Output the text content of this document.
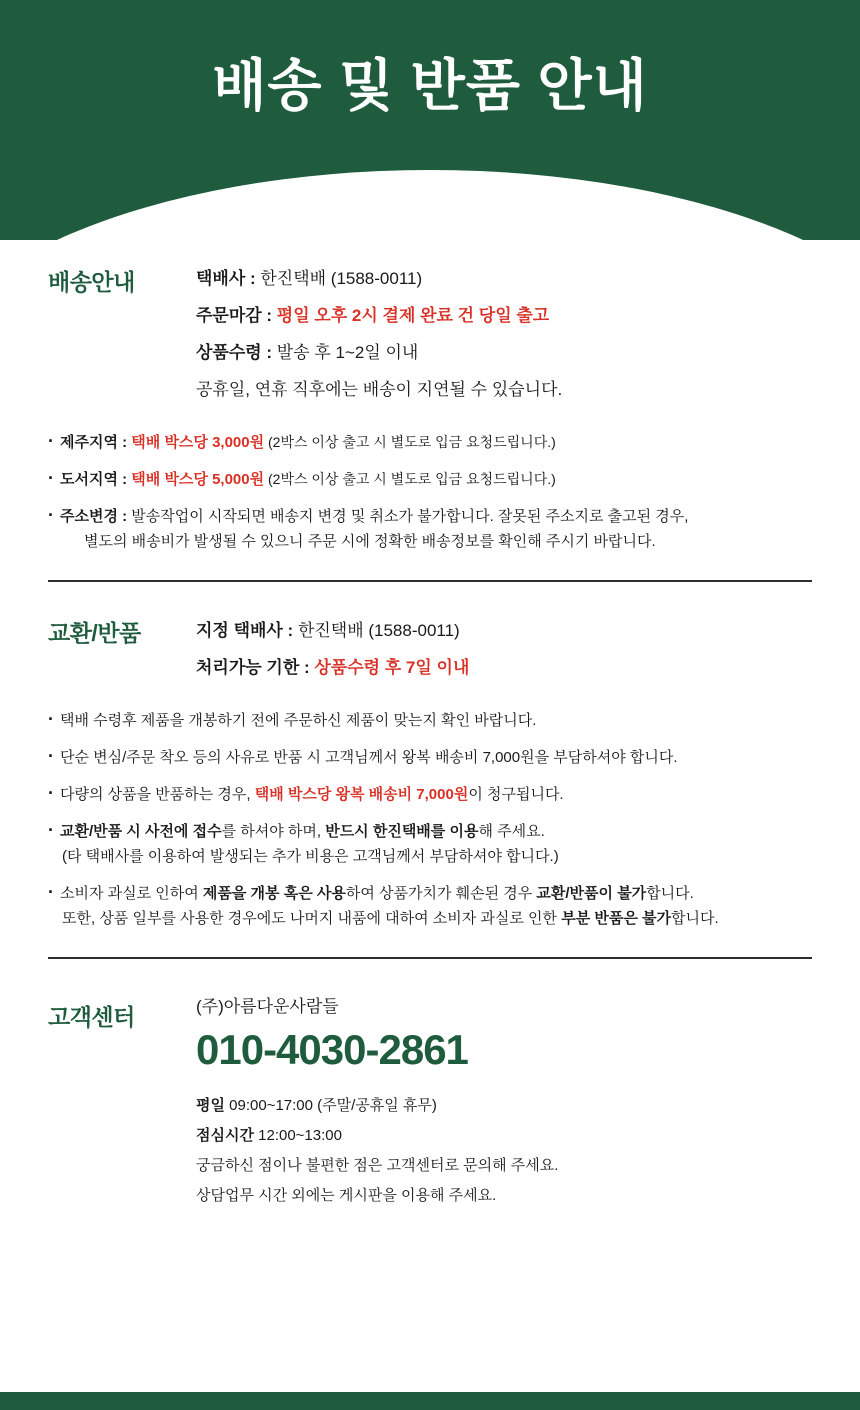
배송 및 반품 안내
배송안내	택배사 : 한진택배 (1588-0011)
주문마감 : 평일 오후 2시 결제 완료 건 당일 출고
상품수령 : 발송 후 1~2일 이내
공휴일, 연휴 직후에는 배송이 지연될 수 있습니다.
· 제주지역 : 택배 박스당 3,000원 (2박스 이상 출고 시 별도로 입금 요청드립니다.)
· 도서지역 : 택배 박스당 5,000원 (2박스 이상 출고 시 별도로 입금 요청드립니다.)
· 주소변경 : 발송작업이 시작되면 배송지 변경 및 취소가 불가합니다. 잘못된 주소지로 출고된 경우,
별도의 배송비가 발생될 수 있으니 주문 시에 정확한 배송정보를 확인해 주시기 바랍니다.
교환/반품	지정 택배사 : 한진택배 (1588-0011)
처리가능 기한 : 상품수령 후 7일 이내
· 택배 수령후 제품을 개봉하기 전에 주문하신 제품이 맞는지 확인 바랍니다.
· 단순 변심/주문 착오 등의 사유로 반품 시 고객님께서 왕복 배송비 7,000원을 부담하셔야 합니다.
· 다량의 상품을 반품하는 경우, 택배 박스당 왕복 배송비 7,000원이 청구됩니다.
· 교환/반품 시 사전에 접수를 하셔야 하며, 반드시 한진택배를 이용해 주세요.
(타 택배사를 이용하여 발생되는 추가 비용은 고객님께서 부담하셔야 합니다.)
· 소비자 과실로 인하여 제품을 개봉 혹은 사용하여 상품가치가 훼손된 경우 교환/반품이 불가합니다.
또한, 상품 일부를 사용한 경우에도 나머지 내품에 대하여 소비자 과실로 인한 부분 반품은 불가합니다.
고객센터	(주)아름다운사람들
010-4030-2861
평일 09:00~17:00 (주말/공휴일 휴무)
점심시간 12:00~13:00
궁금하신 점이나 불편한 점은 고객센터로 문의해 주세요.
상담업무 시간 외에는 게시판을 이용해 주세요.
